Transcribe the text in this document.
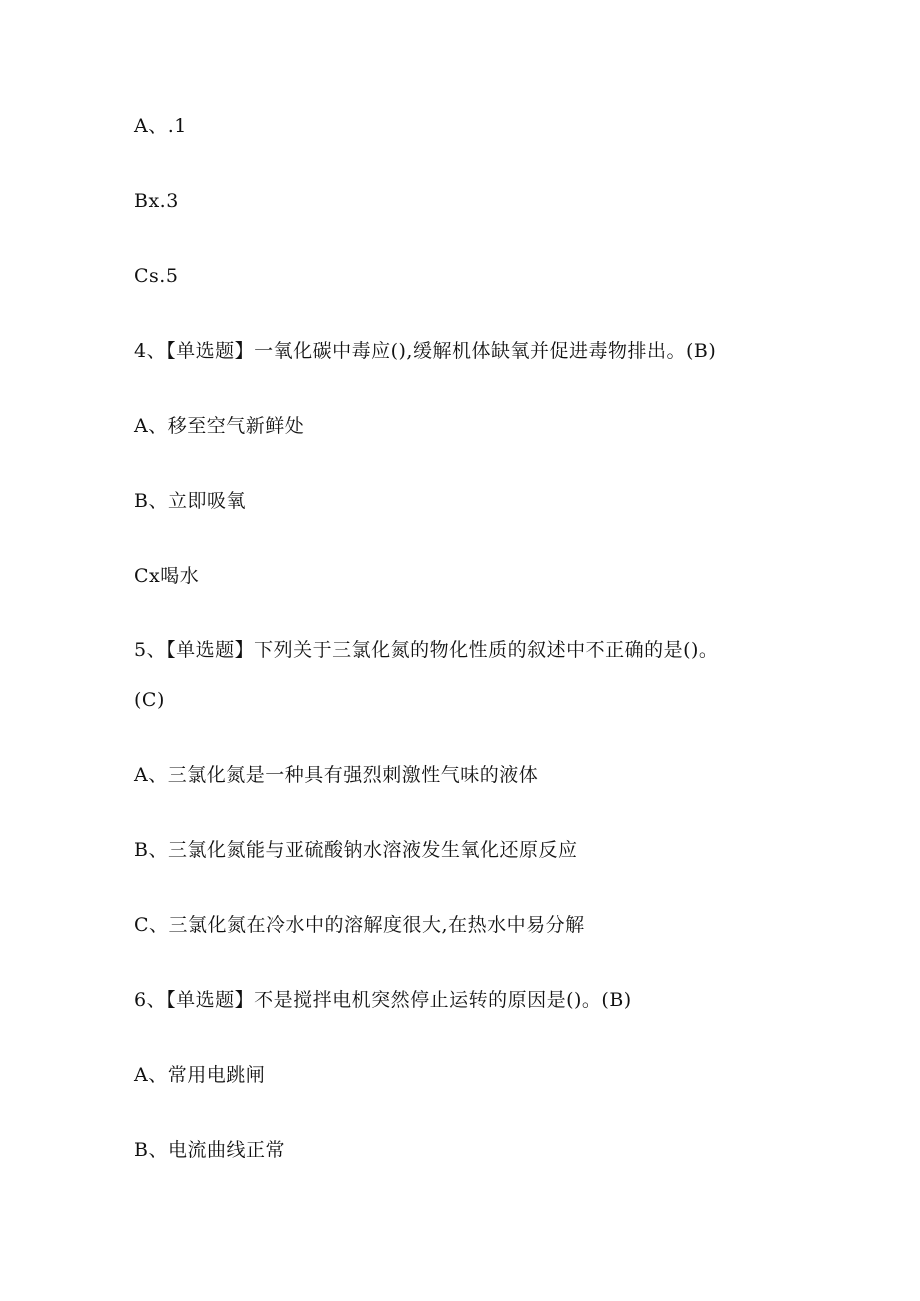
A、.1
Bx.3
Cs.5
4、【单选题】一氧化碳中毒应(),缓解机体缺氧并促进毒物排出。(B)
A、移至空气新鲜处
B、立即吸氧
Cx喝水
5、【单选题】下列关于三氯化氮的物化性质的叙述中不正确的是()。
(C)
A、三氯化氮是一种具有强烈刺激性气味的液体
B、三氯化氮能与亚硫酸钠水溶液发生氧化还原反应
C、三氯化氮在冷水中的溶解度很大,在热水中易分解
6、【单选题】不是搅拌电机突然停止运转的原因是()。(B)
A、常用电跳闸
B、电流曲线正常
